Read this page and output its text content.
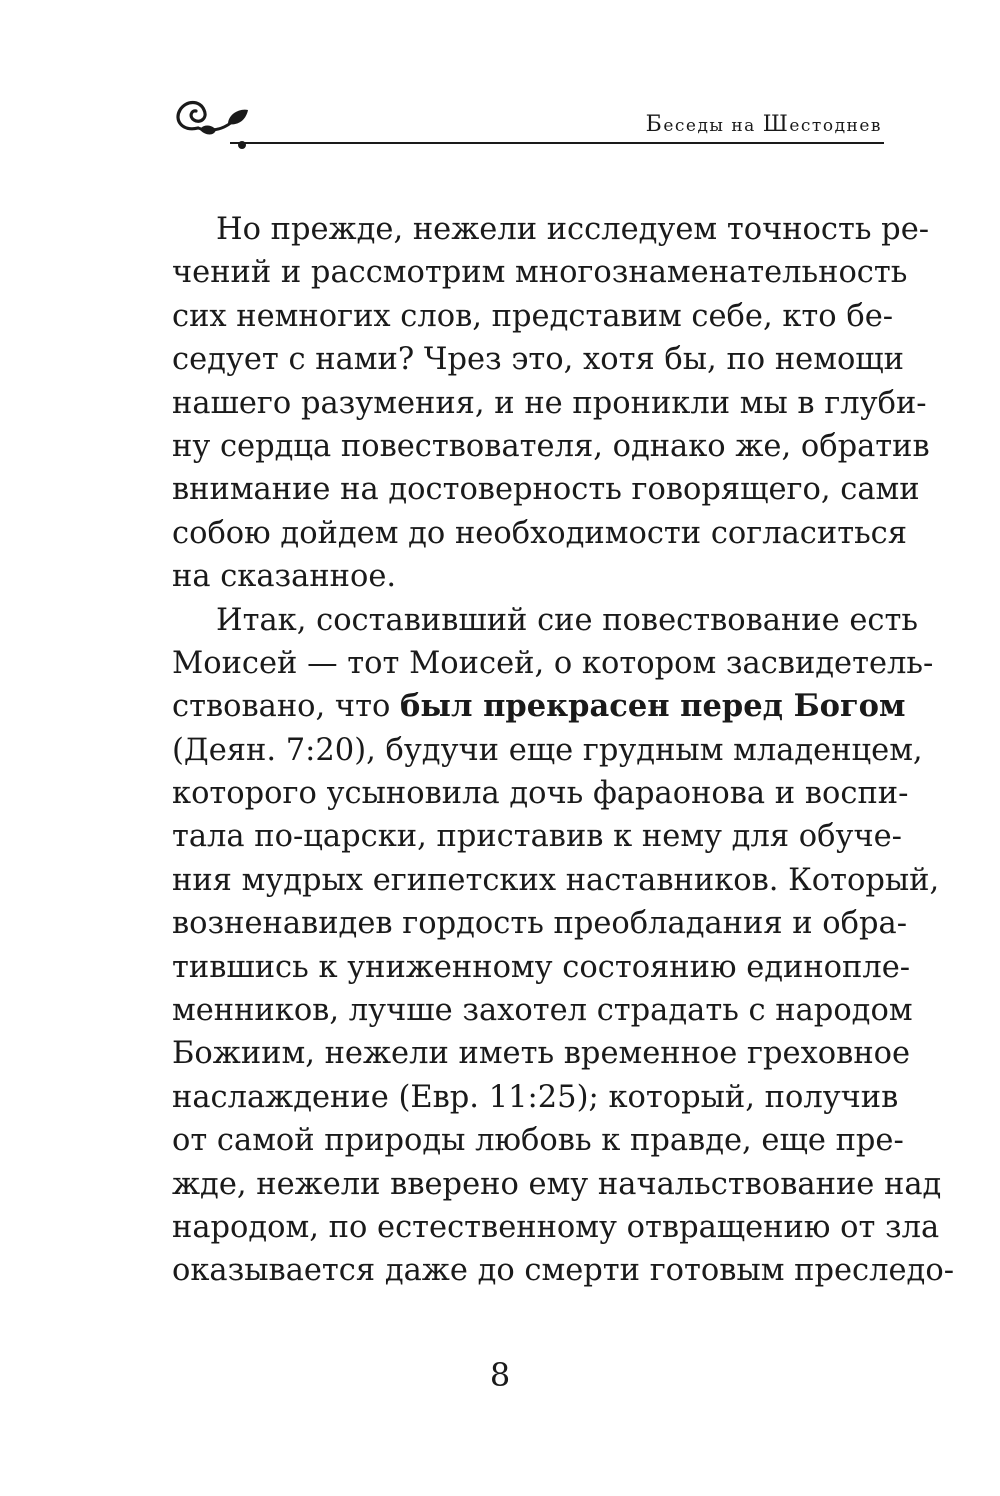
Беседы на Шестоднев
Но прежде, нежели исследуем точность ре-
чений и рассмотрим многознаменательность
сих немногих слов, представим себе, кто бе-
седует с нами? Чрез это, хотя бы, по немощи
нашего разумения, и не проникли мы в глуби-
ну сердца повествователя, однако же, обратив
внимание на достоверность говорящего, сами
собою дойдем до необходимости согласиться
на сказанное.
Итак, составивший сие повествование есть
Моисей — тот Моисей, о котором засвидетель-
ствовано, что был прекрасен перед Богом
(Деян. 7:20), будучи еще грудным младенцем,
которого усыновила дочь фараонова и воспи-
тала по-царски, приставив к нему для обуче-
ния мудрых египетских наставников. Который,
возненавидев гордость преобладания и обра-
тившись к униженному состоянию единопле-
менников, лучше захотел страдать с народом
Божиим, нежели иметь временное греховное
наслаждение (Евр. 11:25); который, получив
от самой природы любовь к правде, еще пре-
жде, нежели вверено ему начальствование над
народом, по естественному отвращению от зла
оказывается даже до смерти готовым преследо-
8
